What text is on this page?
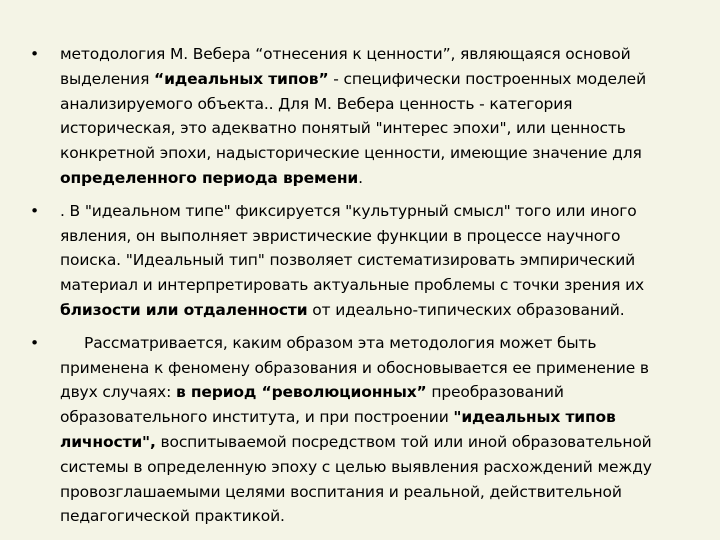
• методология М. Вебера “отнесения к ценности”, являющаяся основой выделения “идеальных типов” - специфически построенных моделей анализируемого объекта.. Для М. Вебера ценность - категория историческая, это адекватно понятый "интерес эпохи", или ценность конкретной эпохи, надысторические ценности, имеющие значение для определенного периода времени.
• . В "идеальном типе" фиксируется "культурный смысл" того или иного явления, он выполняет эвристические функции в процессе научного поиска. "Идеальный тип" позволяет систематизировать эмпирический материал и интерпретировать актуальные проблемы с точки зрения их близости или отдаленности от идеально-типических образований.
•	Рассматривается, каким образом эта методология может быть применена к феномену образования и обосновывается ее применение в двух случаях: в период “революционных” преобразований образовательного института, и при построении "идеальных типов личности", воспитываемой посредством той или иной образовательной системы в определенную эпоху с целью выявления расхождений между провозглашаемыми целями воспитания и реальной, действительной педагогической практикой.
